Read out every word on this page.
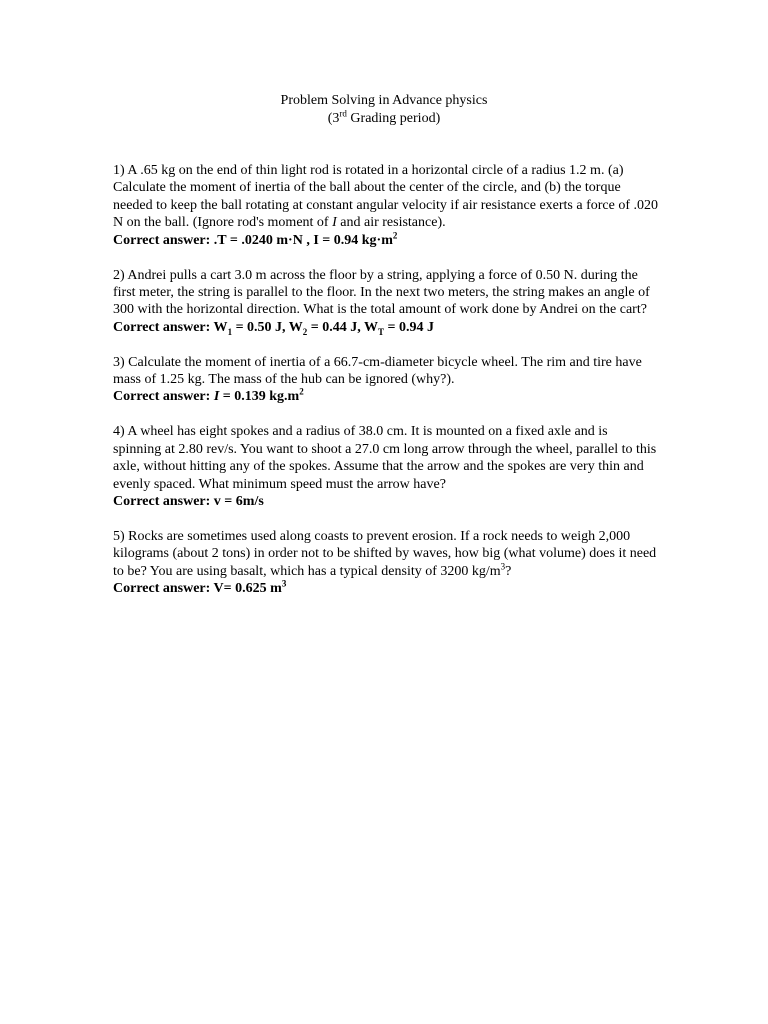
Problem Solving in Advance physics
(3rd Grading period)
1) A .65 kg on the end of thin light rod is rotated in a horizontal circle of a radius 1.2 m. (a) Calculate the moment of inertia of the ball about the center of the circle, and (b) the torque needed to keep the ball rotating at constant angular velocity if air resistance exerts a force of .020 N on the ball. (Ignore rod's moment of I and air resistance).
Correct answer: .T = .0240 m·N , I = 0.94 $kg\cdot m^2$
2) Andrei pulls a cart 3.0 m across the floor by a string, applying a force of 0.50 N. during the first meter, the string is parallel to the floor. In the next two meters, the string makes an angle of 300 with the horizontal direction. What is the total amount of work done by Andrei on the cart?
Correct answer: $W_1 = 0.50$ J, $W_2 = 0.44$ J, $W_T = 0.94$ J
3) Calculate the moment of inertia of a 66.7-cm-diameter bicycle wheel. The rim and tire have mass of 1.25 kg. The mass of the hub can be ignored (why?).
Correct answer: I = 0.139 $kg.m^2$
4) A wheel has eight spokes and a radius of 38.0 cm. It is mounted on a fixed axle and is spinning at 2.80 rev/s. You want to shoot a 27.0 cm long arrow through the wheel, parallel to this axle, without hitting any of the spokes. Assume that the arrow and the spokes are very thin and evenly spaced. What minimum speed must the arrow have?
Correct answer: v = 6m/s
5) Rocks are sometimes used along coasts to prevent erosion. If a rock needs to weigh 2,000 kilograms (about 2 tons) in order not to be shifted by waves, how big (what volume) does it need to be? You are using basalt, which has a typical density of 3200 $kg/m^3$?
Correct answer: V= 0.625 $m^3$
